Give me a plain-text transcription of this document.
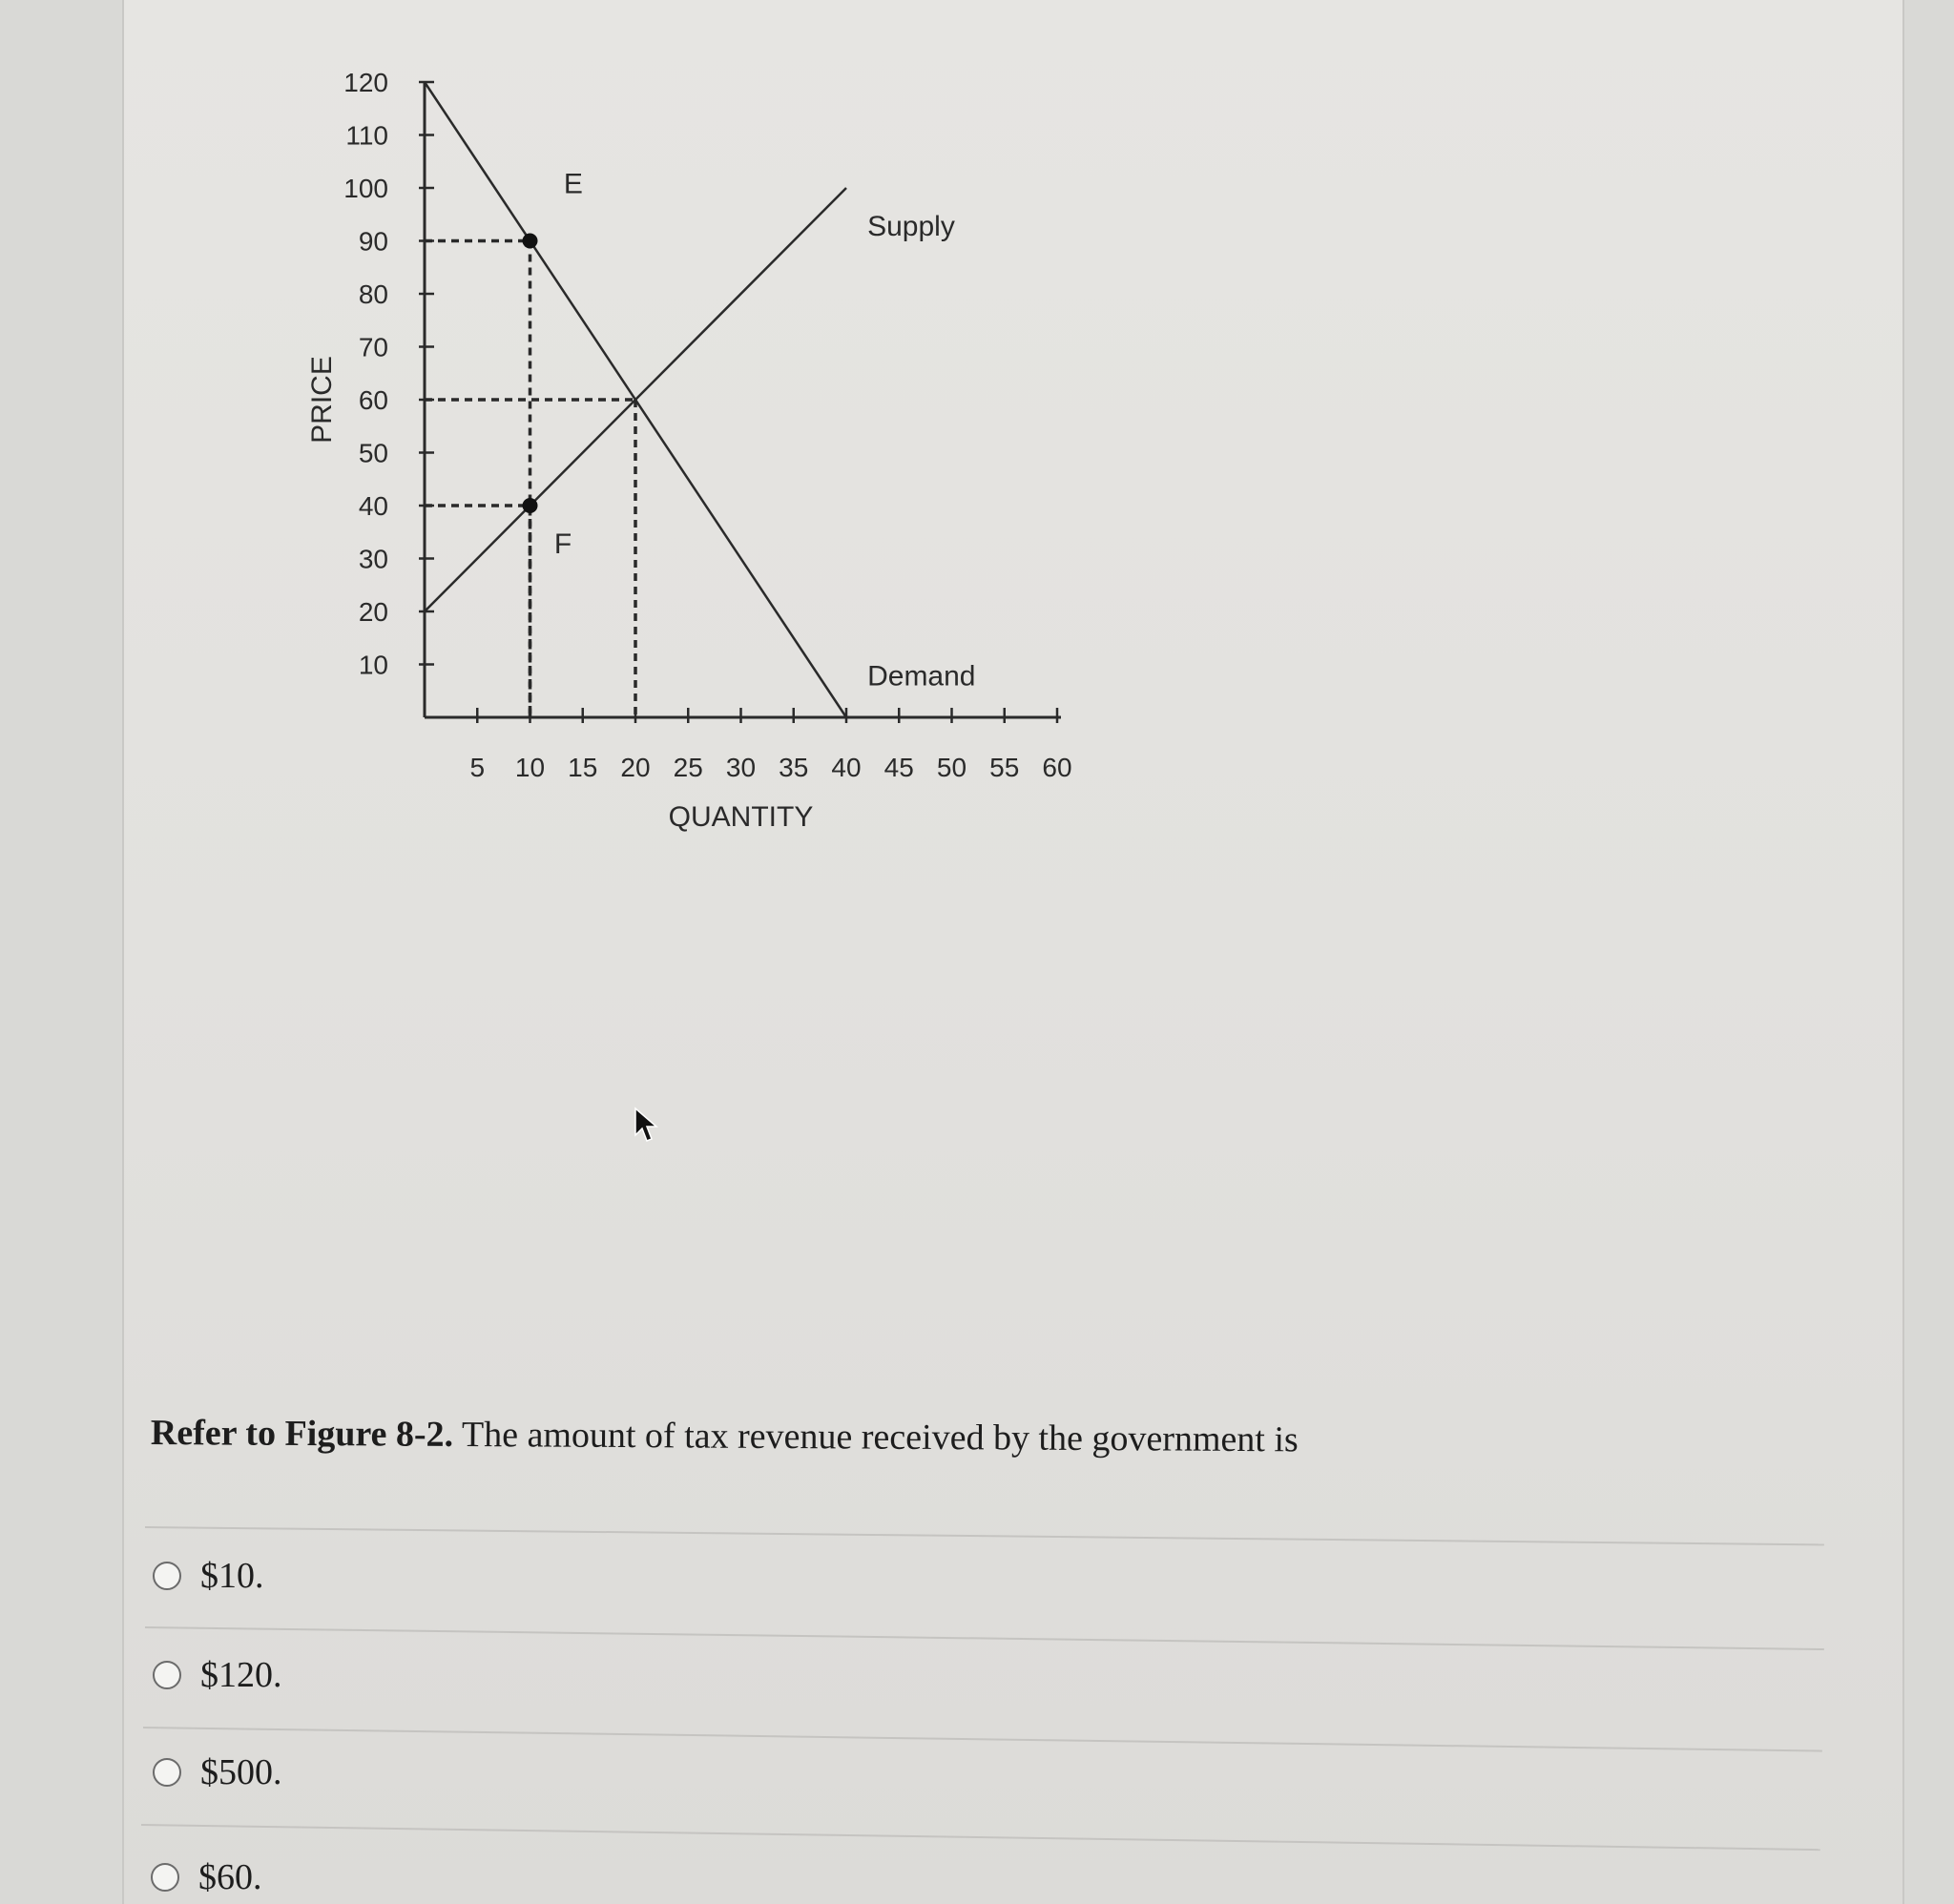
10
20
30
40
50
60
70
80
90
100
110
120
5 10 15 20 25 30 35 40 45 50 55 60
QUANTITY
PRICE
Supply
Demand
E
F
Refer to Figure 8-2. The amount of tax revenue received by the government is
$10.
$120.
$500.
$60.
